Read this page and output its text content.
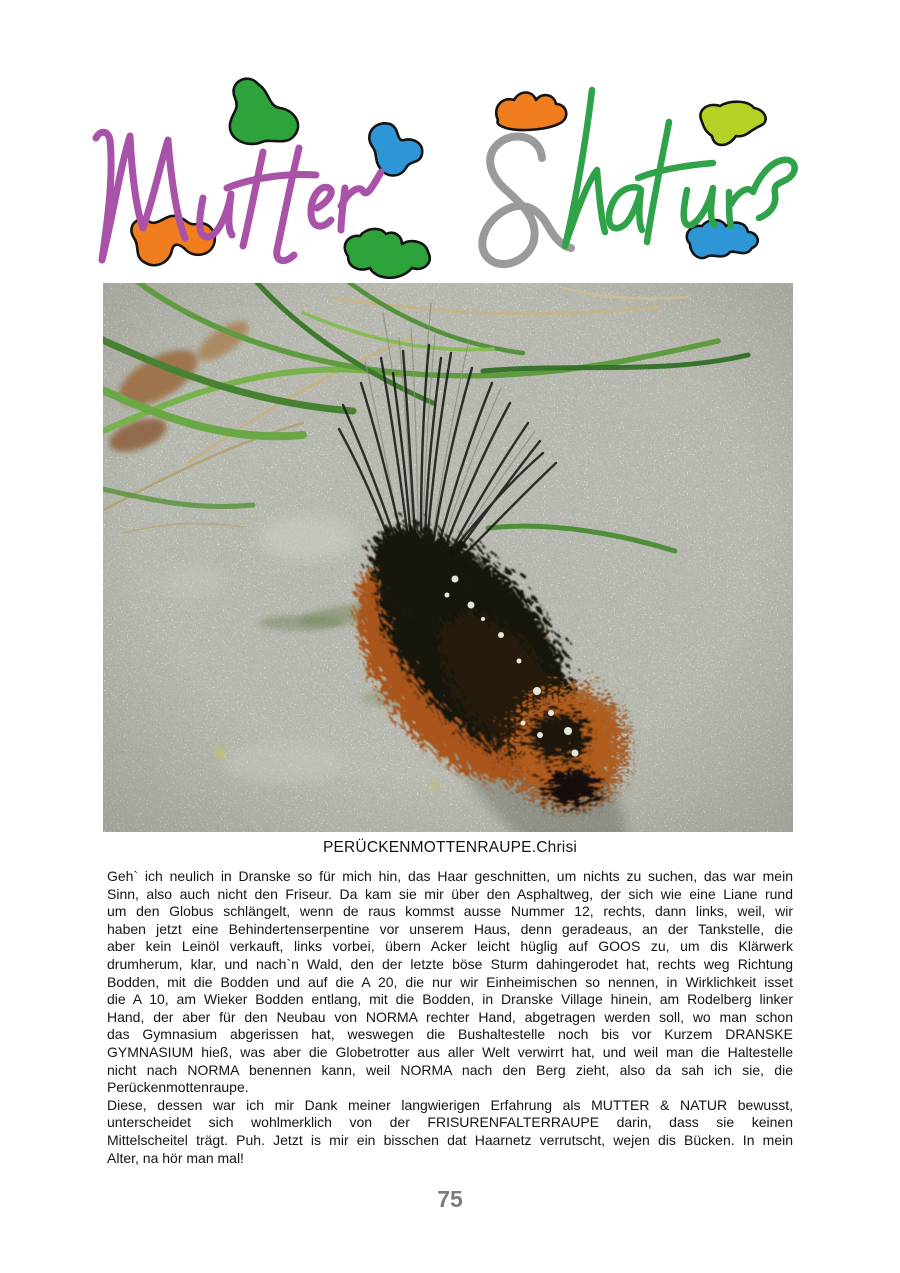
PERÜCKENMOTTENRAUPE.Chrisi
Geh` ich neulich in Dranske so für mich hin, das Haar geschnitten, um nichts zu suchen, das war mein
Sinn, also auch nicht den Friseur. Da kam sie mir über den Asphaltweg, der sich wie eine Liane rund
um den Globus schlängelt, wenn de raus kommst ausse Nummer 12, rechts, dann links, weil, wir
haben jetzt eine Behindertenserpentine vor unserem Haus, denn geradeaus, an der Tankstelle, die
aber kein Leinöl verkauft, links vorbei, übern Acker leicht hüglig auf GOOS zu, um dis Klärwerk
drumherum, klar, und nach`n Wald, den der letzte böse Sturm dahingerodet hat, rechts weg Richtung
Bodden, mit die Bodden und auf die A 20, die nur wir Einheimischen so nennen, in Wirklichkeit isset
die A 10, am Wieker Bodden entlang, mit die Bodden, in Dranske Village hinein, am Rodelberg linker
Hand, der aber für den Neubau von NORMA rechter Hand, abgetragen werden soll, wo man schon
das Gymnasium abgerissen hat, weswegen die Bushaltestelle noch bis vor Kurzem DRANSKE
GYMNASIUM hieß, was aber die Globetrotter aus aller Welt verwirrt hat, und weil man die Haltestelle
nicht nach NORMA benennen kann, weil NORMA nach den Berg zieht, also da sah ich sie, die
Perückenmottenraupe.
Diese, dessen war ich mir Dank meiner langwierigen Erfahrung als MUTTER & NATUR bewusst,
unterscheidet sich wohlmerklich von der FRISURENFALTERRAUPE darin, dass sie keinen
Mittelscheitel trägt. Puh. Jetzt is mir ein bisschen dat Haarnetz verrutscht, wejen dis Bücken. In mein
Alter, na hör man mal!
75
